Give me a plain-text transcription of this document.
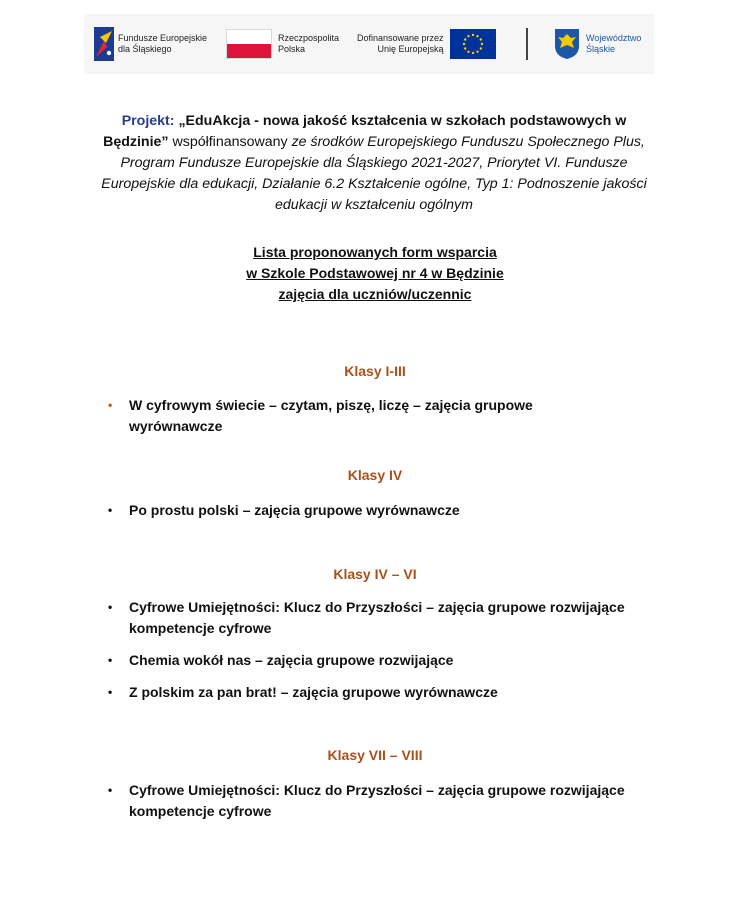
Fundusze Europejskie
dla Śląskiego
Rzeczpospolita
Polska
Dofinansowane przez
Unię Europejską
Województwo
Śląskie
Projekt: „EduAkcja - nowa jakość kształcenia w szkołach podstawowych w Będzinie” współfinansowany ze środków Europejskiego Funduszu Społecznego Plus, Program Fundusze Europejskie dla Śląskiego 2021-2027, Priorytet VI. Fundusze Europejskie dla edukacji, Działanie 6.2 Kształcenie ogólne, Typ 1: Podnoszenie jakości edukacji w kształceniu ogólnym
Lista proponowanych form wsparcia
w Szkole Podstawowej nr 4 w Będzinie
zajęcia dla uczniów/uczennic
Klasy I-III
•	W cyfrowym świecie – czytam, piszę, liczę – zajęcia grupowe wyrównawcze
Klasy IV
•	Po prostu polski – zajęcia grupowe wyrównawcze
Klasy IV – VI
•	Cyfrowe Umiejętności: Klucz do Przyszłości – zajęcia grupowe rozwijające kompetencje cyfrowe
•	Chemia wokół nas – zajęcia grupowe rozwijające
•	Z polskim za pan brat! – zajęcia grupowe wyrównawcze
Klasy VII – VIII
•	Cyfrowe Umiejętności: Klucz do Przyszłości – zajęcia grupowe rozwijające kompetencje cyfrowe
